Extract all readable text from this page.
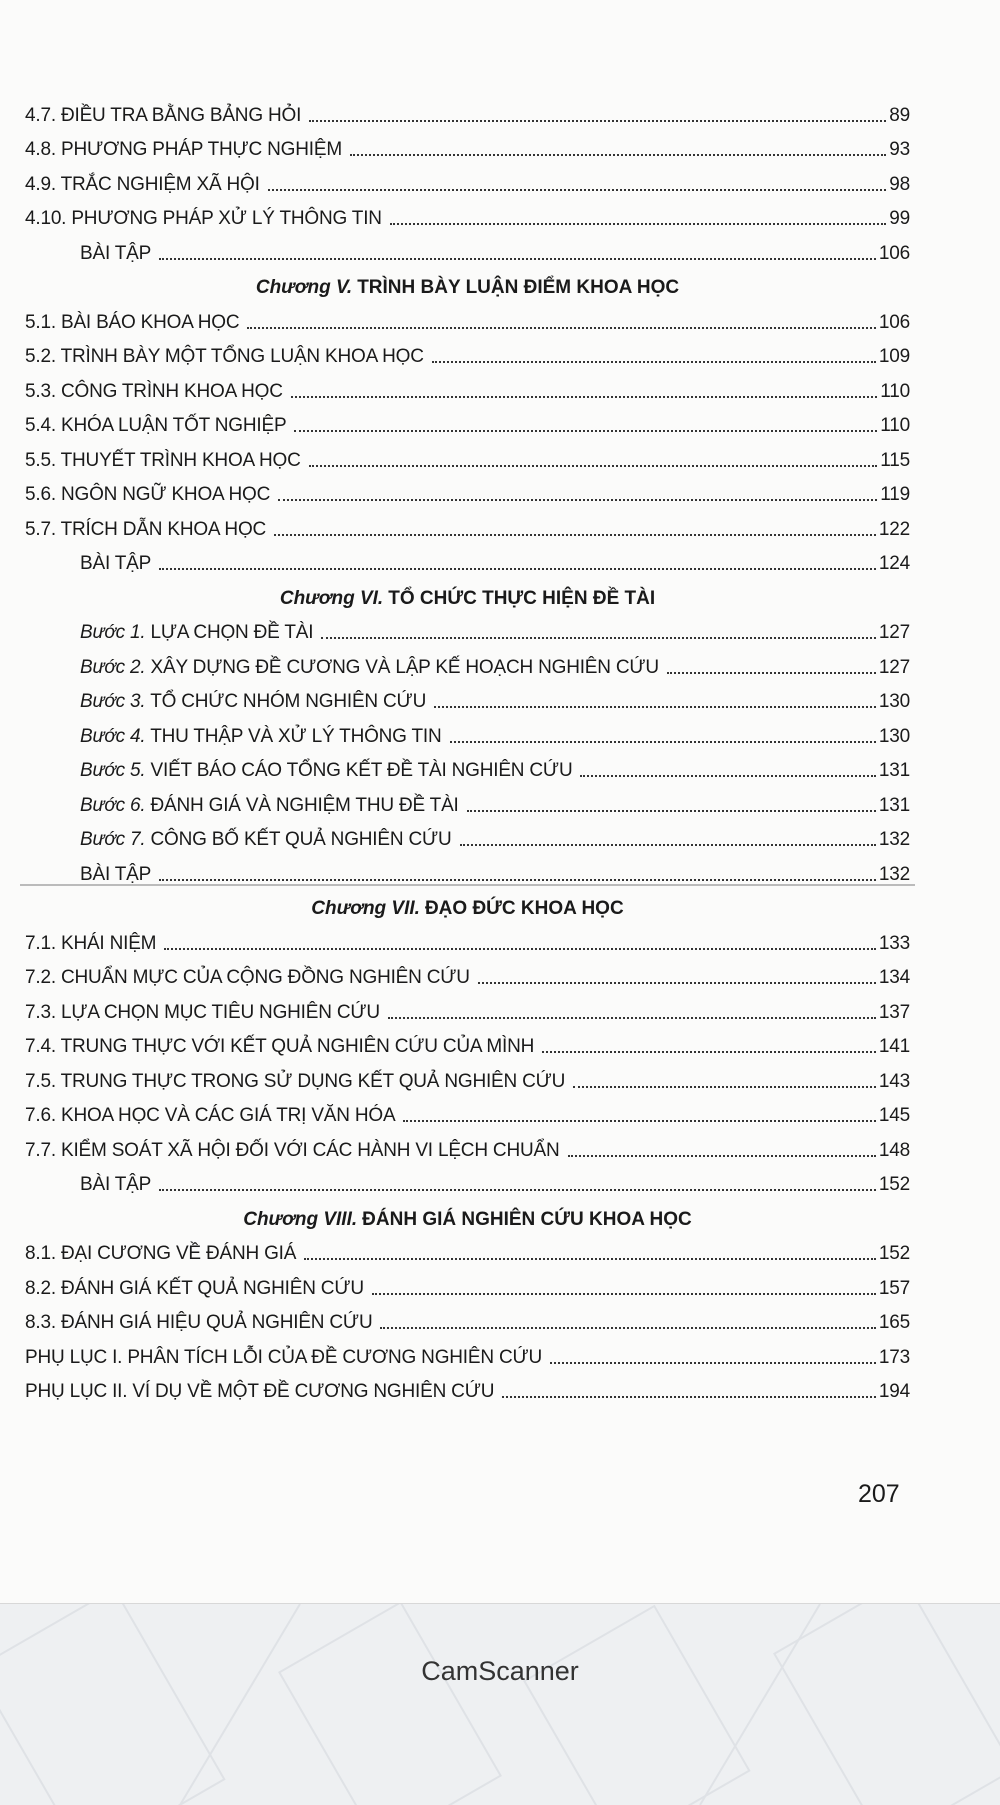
4.7. ĐIỀU TRA BẰNG BẢNG HỎI	89
4.8. PHƯƠNG PHÁP THỰC NGHIỆM	93
4.9. TRẮC NGHIỆM XÃ HỘI	98
4.10. PHƯƠNG PHÁP XỬ LÝ THÔNG TIN	99
BÀI TẬP	106
Chương V. TRÌNH BÀY LUẬN ĐIỂM KHOA HỌC
5.1. BÀI BÁO KHOA HỌC	106
5.2. TRÌNH BÀY MỘT TỔNG LUẬN KHOA HỌC	109
5.3. CÔNG TRÌNH KHOA HỌC	110
5.4. KHÓA LUẬN TỐT NGHIỆP	110
5.5. THUYẾT TRÌNH KHOA HỌC	115
5.6. NGÔN NGỮ KHOA HỌC	119
5.7. TRÍCH DẪN KHOA HỌC	122
BÀI TẬP	124
Chương VI. TỔ CHỨC THỰC HIỆN ĐỀ TÀI
Bước 1. LỰA CHỌN ĐỀ TÀI	127
Bước 2. XÂY DỰNG ĐỀ CƯƠNG VÀ LẬP KẾ HOẠCH NGHIÊN CỨU	127
Bước 3. TỔ CHỨC NHÓM NGHIÊN CỨU	130
Bước 4. THU THẬP VÀ XỬ LÝ THÔNG TIN	130
Bước 5. VIẾT BÁO CÁO TỔNG KẾT ĐỀ TÀI NGHIÊN CỨU	131
Bước 6. ĐÁNH GIÁ VÀ NGHIỆM THU ĐỀ TÀI	131
Bước 7. CÔNG BỐ KẾT QUẢ NGHIÊN CỨU	132
BÀI TẬP	132
Chương VII. ĐẠO ĐỨC KHOA HỌC
7.1. KHÁI NIỆM	133
7.2. CHUẨN MỰC CỦA CỘNG ĐỒNG NGHIÊN CỨU	134
7.3. LỰA CHỌN MỤC TIÊU NGHIÊN CỨU	137
7.4. TRUNG THỰC VỚI KẾT QUẢ NGHIÊN CỨU CỦA MÌNH	141
7.5. TRUNG THỰC TRONG SỬ DỤNG KẾT QUẢ NGHIÊN CỨU	143
7.6. KHOA HỌC VÀ CÁC GIÁ TRỊ VĂN HÓA	145
7.7. KIỂM SOÁT XÃ HỘI ĐỐI VỚI CÁC HÀNH VI LỆCH CHUẨN	148
BÀI TẬP	152
Chương VIII. ĐÁNH GIÁ NGHIÊN CỨU KHOA HỌC
8.1. ĐẠI CƯƠNG VỀ ĐÁNH GIÁ	152
8.2. ĐÁNH GIÁ KẾT QUẢ NGHIÊN CỨU	157
8.3. ĐÁNH GIÁ HIỆU QUẢ NGHIÊN CỨU	165
PHỤ LỤC I. PHÂN TÍCH LỖI CỦA ĐỀ CƯƠNG NGHIÊN CỨU	173
PHỤ LỤC II. VÍ DỤ VỀ MỘT ĐỀ CƯƠNG NGHIÊN CỨU	194
207
CamScanner
